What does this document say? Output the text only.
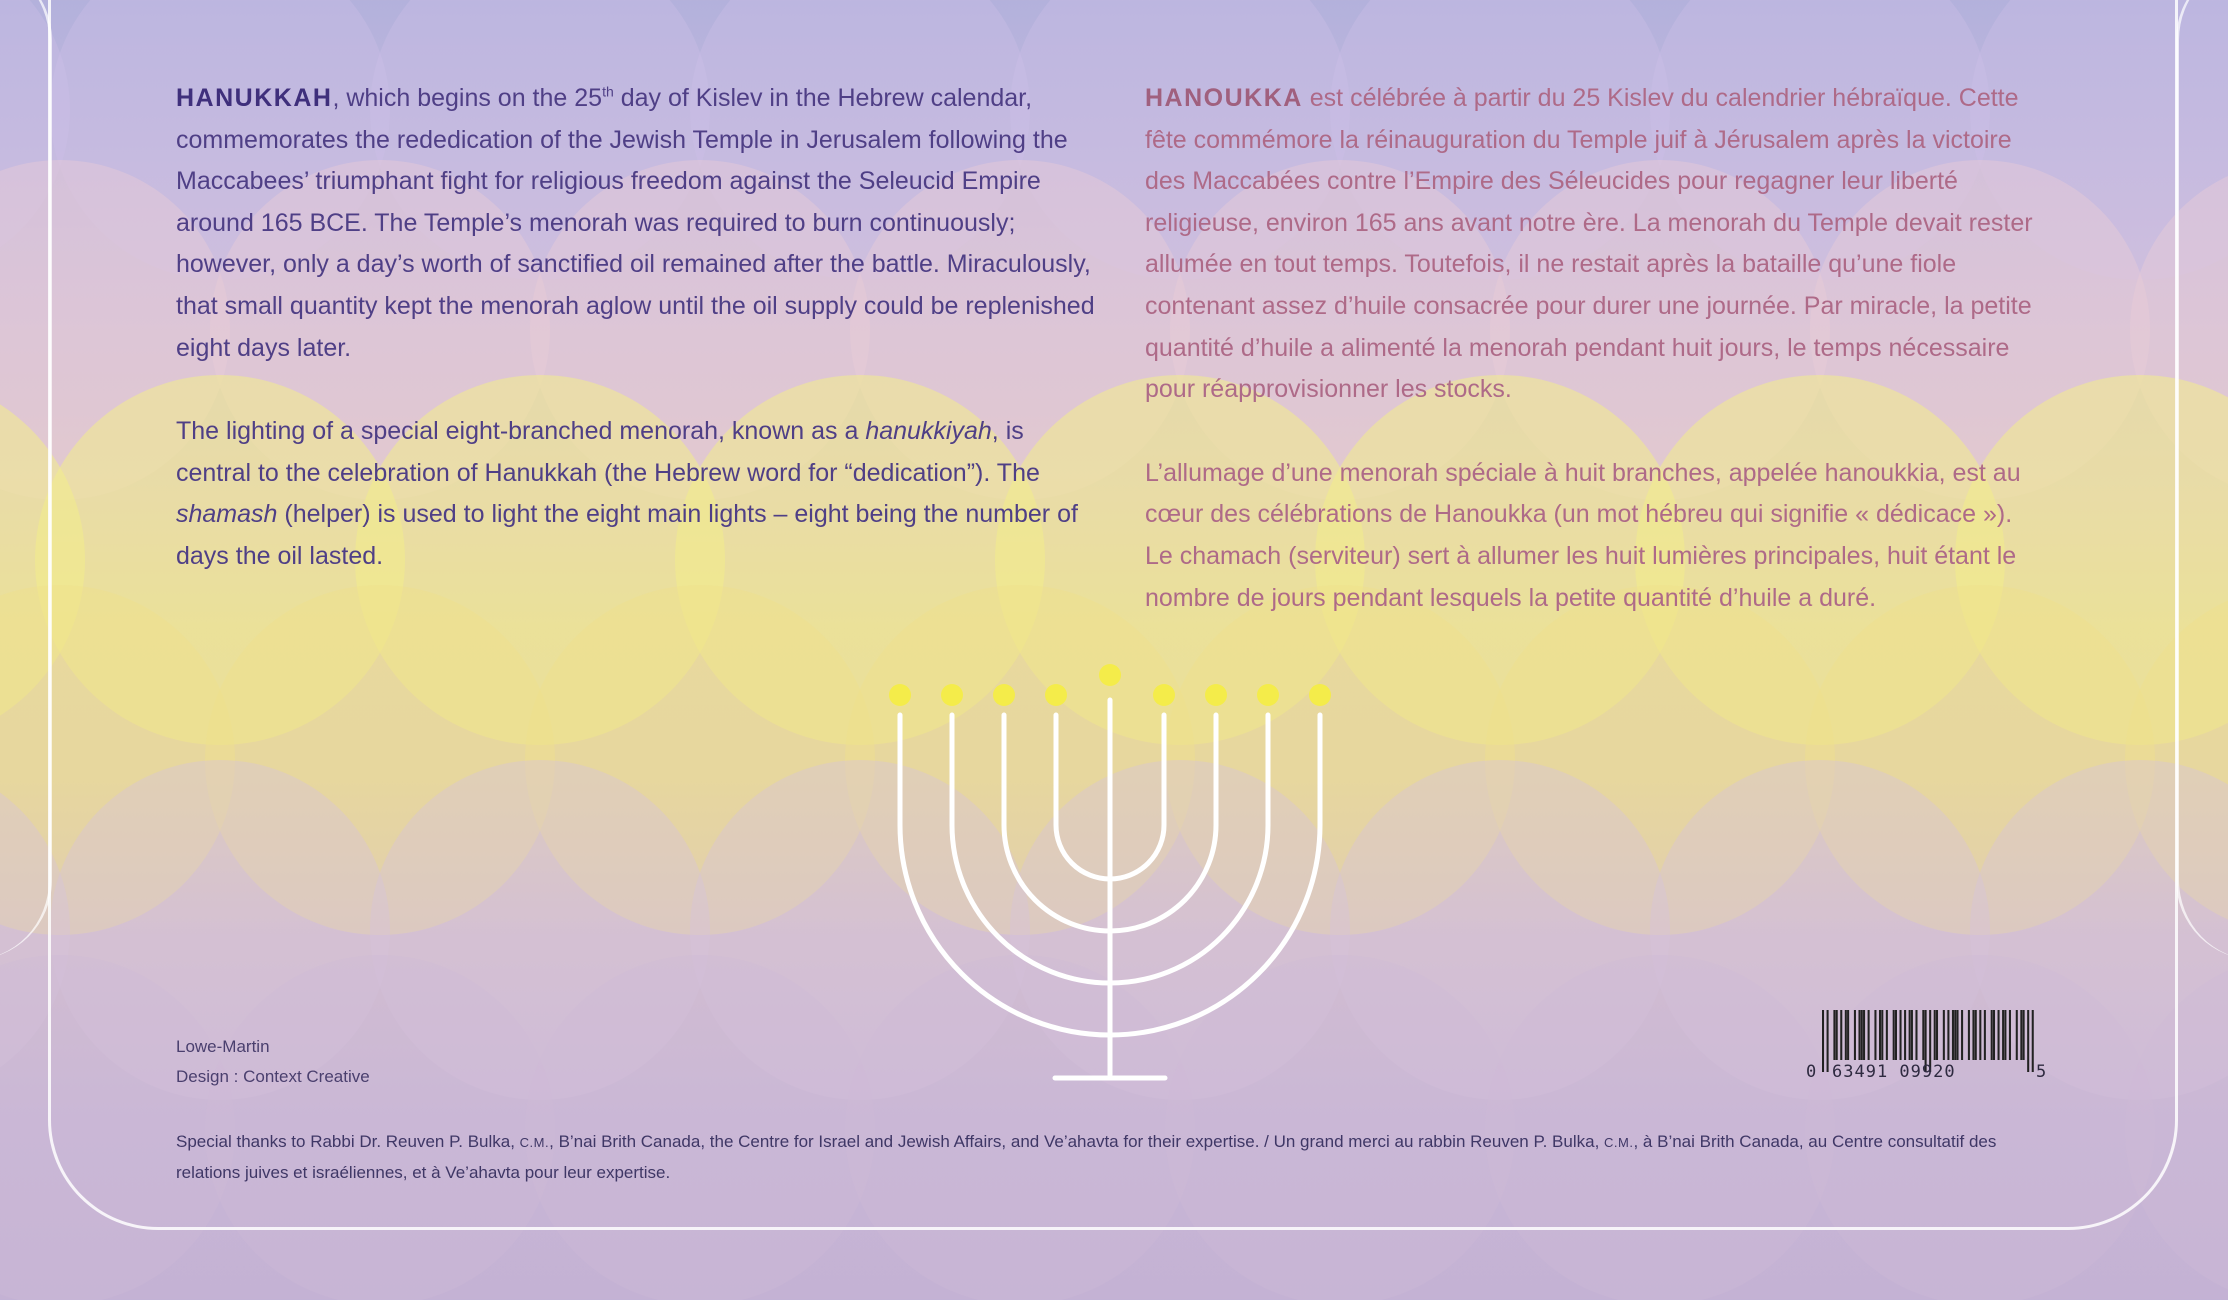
HANUKKAH, which begins on the 25th day of Kislev in the Hebrew calendar, commemorates the rededication of the Jewish Temple in Jerusalem following the Maccabees’ triumphant fight for religious freedom against the Seleucid Empire around 165 BCE. The Temple’s menorah was required to burn continuously; however, only a day’s worth of sanctified oil remained after the battle. Miraculously, that small quantity kept the menorah aglow until the oil supply could be replenished eight days later.

The lighting of a special eight-branched menorah, known as a hanukkiyah, is central to the celebration of Hanukkah (the Hebrew word for “dedication”). The shamash (helper) is used to light the eight main lights – eight being the number of days the oil lasted.

HANOUKKA est célébrée à partir du 25 Kislev du calendrier hébraïque. Cette fête commémore la réinauguration du Temple juif à Jérusalem après la victoire des Maccabées contre l’Empire des Séleucides pour regagner leur liberté religieuse, environ 165 ans avant notre ère. La menorah du Temple devait rester allumée en tout temps. Toutefois, il ne restait après la bataille qu’une fiole contenant assez d’huile consacrée pour durer une journée. Par miracle, la petite quantité d’huile a alimenté la menorah pendant huit jours, le temps nécessaire pour réapprovisionner les stocks.

L’allumage d’une menorah spéciale à huit branches, appelée hanoukkia, est au cœur des célébrations de Hanoukka (un mot hébreu qui signifie « dédicace »). Le chamach (serviteur) sert à allumer les huit lumières principales, huit étant le nombre de jours pendant lesquels la petite quantité d’huile a duré.

Lowe-Martin
Design : Context Creative	0 63491 09920	5
Special thanks to Rabbi Dr. Reuven P. Bulka, C.M., B’nai Brith Canada, the Centre for Israel and Jewish Affairs, and Ve’ahavta for their expertise. / Un grand merci au rabbin Reuven P. Bulka, C.M., à B’nai Brith Canada, au Centre consultatif des relations juives et israéliennes, et à Ve’ahavta pour leur expertise.
